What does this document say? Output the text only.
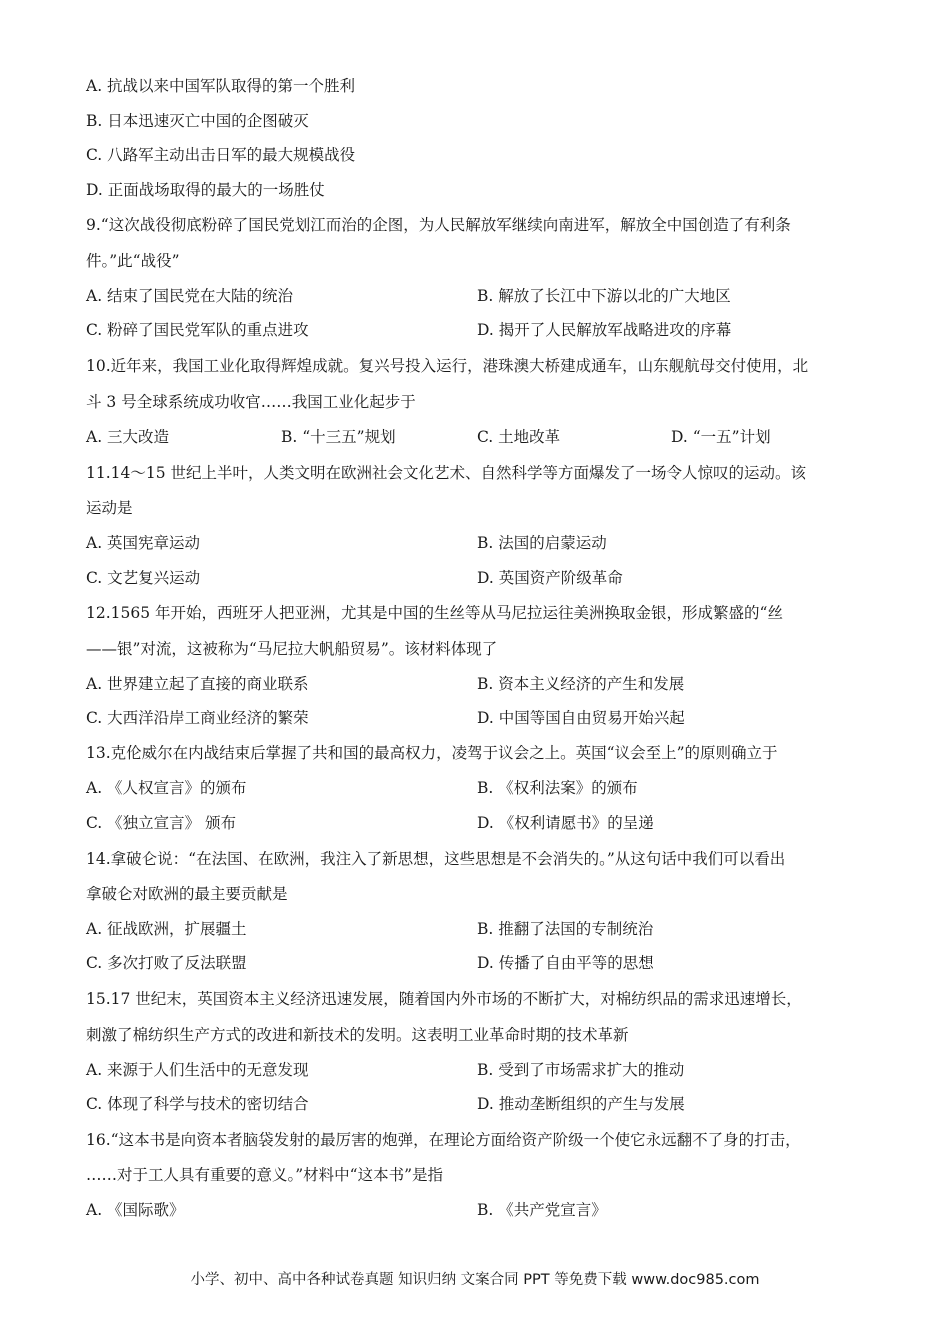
A. 抗战以来中国军队取得的第一个胜利
B. 日本迅速灭亡中国的企图破灭
C. 八路军主动出击日军的最大规模战役
D. 正面战场取得的最大的一场胜仗
9.“这次战役彻底粉碎了国民党划江而治的企图，为人民解放军继续向南进军，解放全中国创造了有利条
件。”此“战役”
A. 结束了国民党在大陆的统治	B. 解放了长江中下游以北的广大地区
C. 粉碎了国民党军队的重点进攻	D. 揭开了人民解放军战略进攻的序幕
10.近年来，我国工业化取得辉煌成就。复兴号投入运行，港珠澳大桥建成通车，山东舰航母交付使用，北
斗 3 号全球系统成功收官……我国工业化起步于
A. 三大改造	B. “十三五”规划	C. 土地改革	D. “一五”计划
11.14～15 世纪上半叶，人类文明在欧洲社会文化艺术、自然科学等方面爆发了一场令人惊叹的运动。该
运动是
A. 英国宪章运动	B. 法国的启蒙运动
C. 文艺复兴运动	D. 英国资产阶级革命
12.1565 年开始，西班牙人把亚洲，尤其是中国的生丝等从马尼拉运往美洲换取金银，形成繁盛的“丝
——银”对流，这被称为“马尼拉大帆船贸易”。该材料体现了
A. 世界建立起了直接的商业联系	B. 资本主义经济的产生和发展
C. 大西洋沿岸工商业经济的繁荣	D. 中国等国自由贸易开始兴起
13.克伦威尔在内战结束后掌握了共和国的最高权力，凌驾于议会之上。英国“议会至上”的原则确立于
A. 《人权宣言》的颁布	B. 《权利法案》的颁布
C. 《独立宣言》 颁布	D. 《权利请愿书》的呈递
14.拿破仑说：“在法国、在欧洲，我注入了新思想，这些思想是不会消失的。”从这句话中我们可以看出
拿破仑对欧洲的最主要贡献是
A. 征战欧洲，扩展疆土	B. 推翻了法国的专制统治
C. 多次打败了反法联盟	D. 传播了自由平等的思想
15.17 世纪末，英国资本主义经济迅速发展，随着国内外市场的不断扩大，对棉纺织品的需求迅速增长，
刺激了棉纺织生产方式的改进和新技术的发明。这表明工业革命时期的技术革新
A. 来源于人们生活中的无意发现	B. 受到了市场需求扩大的推动
C. 体现了科学与技术的密切结合	D. 推动垄断组织的产生与发展
16.“这本书是向资本者脑袋发射的最厉害的炮弹，在理论方面给资产阶级一个使它永远翻不了身的打击，
……对于工人具有重要的意义。”材料中“这本书”是指
A. 《国际歌》	B. 《共产党宣言》
小学、初中、高中各种试卷真题 知识归纳 文案合同 PPT 等免费下载 www.doc985.com
